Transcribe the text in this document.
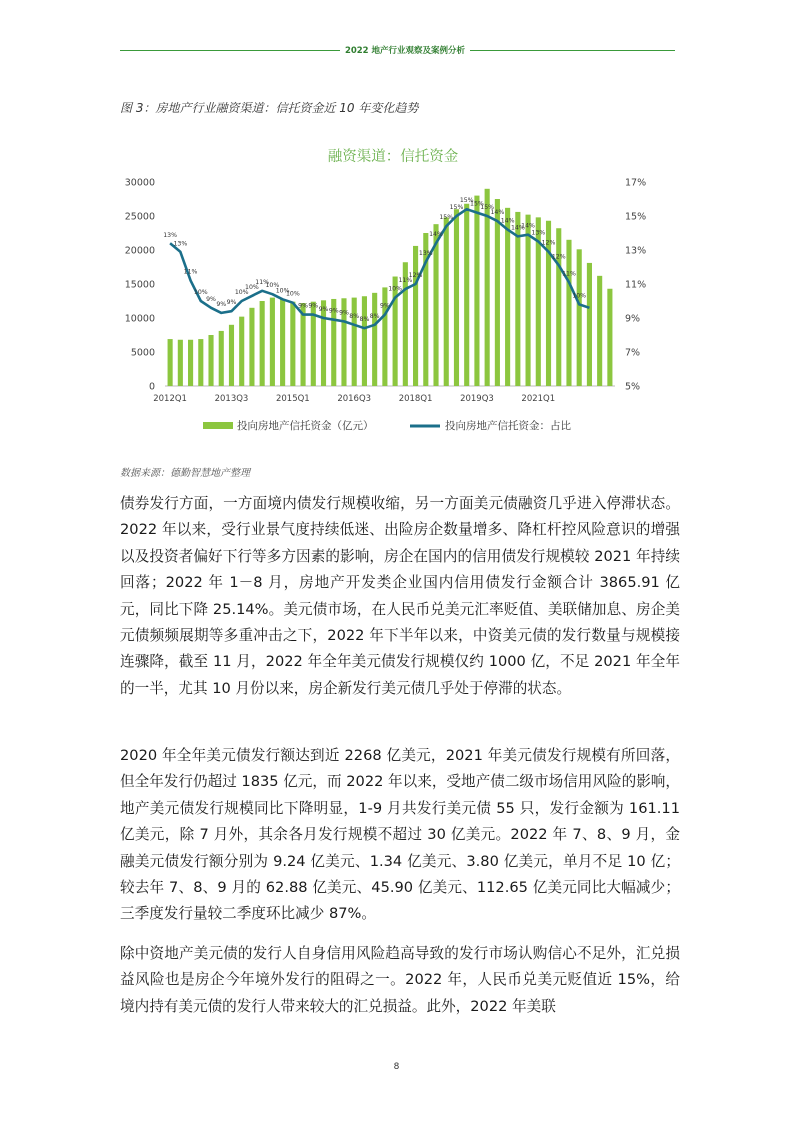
2022 地产行业观察及案例分析
图 3：房地产行业融资渠道：信托资金近 10 年变化趋势
融资渠道：信托资金
13%
13%
11%
10%
9%
9% 9%
10%
10%
11%
10%
10%
10%
9% 9% 9% 9% 9% 8% 8% 8%
9%
10%
11%
12%
13%
14%
15%
15%
15%
15%
15%
14%
14%
14%
14%
13%
12%
12%
11%
10%
0
5000
10000
15000
20000
25000
30000
5%
7%
9%
11%
13%
15%
17%
2012Q1	2013Q3	2015Q1	2016Q3	2018Q1	2019Q3	2021Q1
投向房地产信托资金（亿元）	投向房地产信托资金：占比
数据来源：德勤智慧地产整理

债券发行方面，一方面境内债发行规模收缩，另一方面美元债融资几乎进入停滞状态。2022 年以来，受行业景气度持续低迷、出险房企数量增多、降杠杆控风险意识的增强以及投资者偏好下行等多方因素的影响，房企在国内的信用债发行规模较 2021 年持续回落；2022 年 1－8 月，房地产开发类企业国内信用债发行金额合计 3865.91 亿元，同比下降 25.14%。美元债市场，在人民币兑美元汇率贬值、美联储加息、房企美元债频频展期等多重冲击之下，2022 年下半年以来，中资美元债的发行数量与规模接连骤降，截至 11 月，2022 年全年美元债发行规模仅约 1000 亿，不足 2021 年全年的一半，尤其 10 月份以来，房企新发行美元债几乎处于停滞的状态。

2020 年全年美元债发行额达到近 2268 亿美元，2021 年美元债发行规模有所回落，但全年发行仍超过 1835 亿元，而 2022 年以来，受地产债二级市场信用风险的影响，地产美元债发行规模同比下降明显，1-9 月共发行美元债 55 只，发行金额为 161.11 亿美元，除 7 月外，其余各月发行规模不超过 30 亿美元。2022 年 7、8、9 月，金融美元债发行额分别为 9.24 亿美元、1.34 亿美元、3.80 亿美元，单月不足 10 亿；较去年 7、8、9 月的 62.88 亿美元、45.90 亿美元、112.65 亿美元同比大幅减少；三季度发行量较二季度环比减少 87%。

除中资地产美元债的发行人自身信用风险趋高导致的发行市场认购信心不足外，汇兑损益风险也是房企今年境外发行的阻碍之一。2022 年，人民币兑美元贬值近 15%，给境内持有美元债的发行人带来较大的汇兑损益。此外，2022 年美联

8
